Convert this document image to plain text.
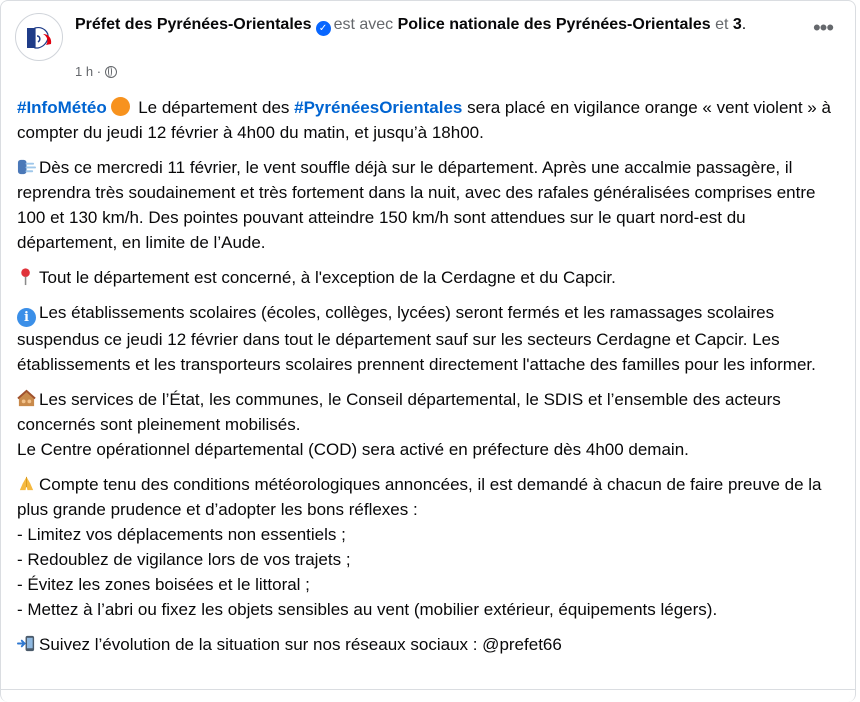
Préfet des Pyrénées-Orientales ✓ est avec Police nationale des Pyrénées-Orientales et 3.
1 h ·
•••

#InfoMétéo  Le département des #PyrénéesOrientales sera placé en vigilance orange « vent violent » à compter du jeudi 12 février à 4h00 du matin, et jusqu’à 18h00.

Dès ce mercredi 11 février, le vent souffle déjà sur le département. Après une accalmie passagère, il reprendra très soudainement et très fortement dans la nuit, avec des rafales généralisées comprises entre 100 et 130 km/h. Des pointes pouvant atteindre 150 km/h sont attendues sur le quart nord-est du département, en limite de l’Aude.

Tout le département est concerné, à l'exception de la Cerdagne et du Capcir.

i Les établissements scolaires (écoles, collèges, lycées) seront fermés et les ramassages scolaires suspendus ce jeudi 12 février dans tout le département sauf sur les secteurs Cerdagne et Capcir. Les établissements et les transporteurs scolaires prennent directement l'attache des familles pour les informer.

Les services de l’État, les communes, le Conseil départemental, le SDIS et l’ensemble des acteurs concernés sont pleinement mobilisés.
Le Centre opérationnel départemental (COD) sera activé en préfecture dès 4h00 demain.

Compte tenu des conditions météorologiques annoncées, il est demandé à chacun de faire preuve de la plus grande prudence et d’adopter les bons réflexes :
- Limitez vos déplacements non essentiels ;
- Redoublez de vigilance lors de vos trajets ;
- Évitez les zones boisées et le littoral ;
- Mettez à l’abri ou fixez les objets sensibles au vent (mobilier extérieur, équipements légers).

Suivez l’évolution de la situation sur nos réseaux sociaux : @prefet66
